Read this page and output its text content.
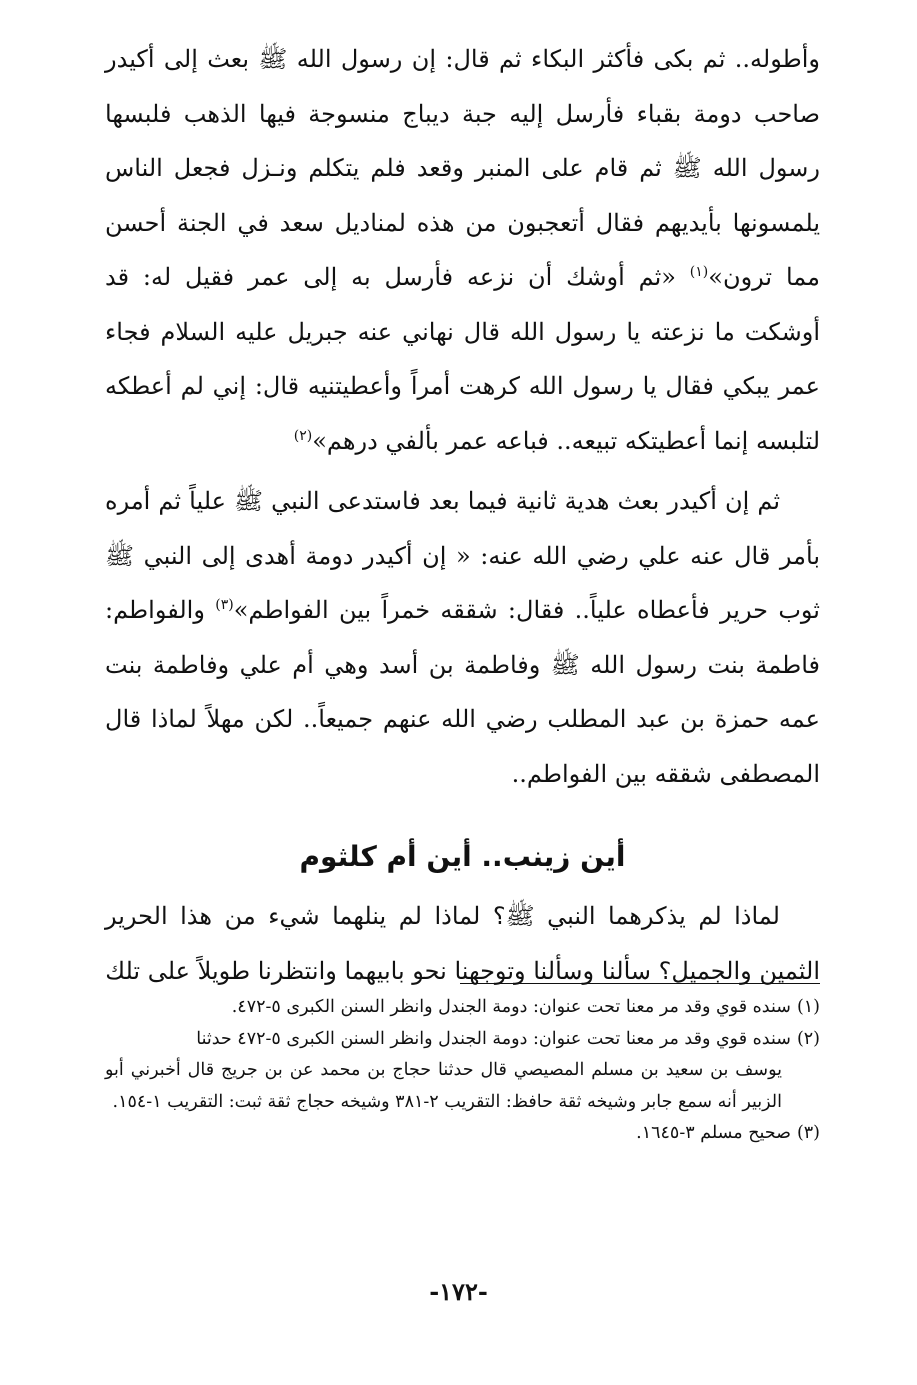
وأطوله.. ثم بكى فأكثر البكاء ثم قال: إن رسول الله ﷺ بعث إلى أكيدر صاحب دومة بقباء فأرسل إليه جبة ديباج منسوجة فيها الذهب فلبسها رسول الله ﷺ ثم قام على المنبر وقعد فلم يتكلم ونـزل فجعل الناس يلمسونها بأيديهم فقال أتعجبون من هذه لمناديل سعد في الجنة أحسن مما ترون»$^{(١)}$ «ثم أوشك أن نزعه فأرسل به إلى عمر فقيل له: قد أوشكت ما نزعته يا رسول الله قال نهاني عنه جبريل عليه السلام فجاء عمر يبكي فقال يا رسول الله كرهت أمراً وأعطيتنيه قال: إني لم أعطكه لتلبسه إنما أعطيتكه تبيعه.. فباعه عمر بألفي درهم»$^{(٢)}$

ثم إن أكيدر بعث هدية ثانية فيما بعد فاستدعى النبي ﷺ علياً ثم أمره بأمر قال عنه علي رضي الله عنه: « إن أكيدر دومة أهدى إلى النبي ﷺ ثوب حرير فأعطاه علياً.. فقال: شققه خمراً بين الفواطم»$^{(٣)}$ والفواطم: فاطمة بنت رسول الله ﷺ وفاطمة بن أسد وهي أم علي وفاطمة بنت عمه حمزة بن عبد المطلب رضي الله عنهم جميعاً.. لكن مهلاً لماذا قال المصطفى شققه بين الفواطم..

أين زينب.. أين أم كلثوم

لماذا لم يذكرهما النبي ﷺ؟ لماذا لم ينلهما شيء من هذا الحرير الثمين والجميل؟ سألنا وسألنا وتوجهنا نحو بابيهما وانتظرنا طويلاً على تلك

(١)سنده قوي وقد مر معنا تحت عنوان: دومة الجندل وانظر السنن الكبرى ٥-٤٧٢.

(٢)سنده قوي وقد مر معنا تحت عنوان: دومة الجندل وانظر السنن الكبرى ٥-٤٧٢ حدثنا
يوسف بن سعيد بن مسلم المصيصي قال حدثنا حجاج بن محمد عن بن جريج قال أخبرني أبو الزبير أنه سمع جابر وشيخه ثقة حافظ: التقريب ٢-٣٨١ وشيخه حجاج ثقة ثبت: التقريب ١-١٥٤.

(٣)صحيح مسلم ٣-١٦٤٥.

-١٧٢-
